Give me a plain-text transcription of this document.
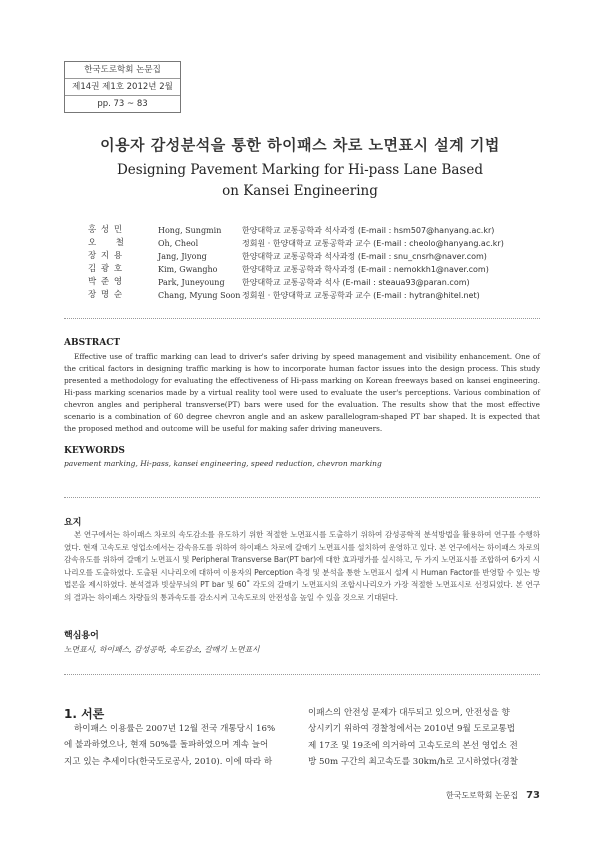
한국도로학회 논문집
제14권 제1호 2012년 2월
pp. 73 ~ 83
이용자 감성분석을 통한 하이패스 차로 노면표시 설계 기법
Designing Pavement Marking for Hi-pass Lane Based
on Kansei Engineering
홍 성 민	Hong, Sungmin	한양대학교 교통공학과 석사과정 (E-mail : hsm507@hanyang.ac.kr)
오     철	Oh, Cheol	정회원 · 한양대학교 교통공학과 교수 (E-mail : cheolo@hanyang.ac.kr)
장 지 용	Jang, Jiyong	한양대학교 교통공학과 석사과정 (E-mail : snu_cnsrh@naver.com)
김 광 호	Kim, Gwangho	한양대학교 교통공학과 학사과정 (E-mail : nemokkh1@naver.com)
박 준 영	Park, Juneyoung	한양대학교 교통공학과 석사 (E-mail : steaua93@paran.com)
장 명 순	Chang, Myung Soon 정회원 · 한양대학교 교통공학과 교수 (E-mail : hytran@hitel.net)
ABSTRACT
Effective use of traffic marking can lead to driver's safer driving by speed management and visibility enhancement. One of the critical factors in designing traffic marking is how to incorporate human factor issues into the design process. This study presented a methodology for evaluating the effectiveness of Hi-pass marking on Korean freeways based on kansei engineering. Hi-pass marking scenarios made by a virtual reality tool were used to evaluate the user's perceptions. Various combination of chevron angles and peripheral transverse(PT) bars were used for the evaluation. The results show that the most effective scenario is a combination of 60 degree chevron angle and an askew parallelogram-shaped PT bar shaped. It is expected that the proposed method and outcome will be useful for making safer driving maneuvers.
KEYWORDS
pavement marking, Hi-pass, kansei engineering, speed reduction, chevron marking
요지
본 연구에서는 하이패스 차로의 속도감소를 유도하기 위한 적절한 노면표시를 도출하기 위하여 감성공학적 분석방법을 활용하여 연구를 수행하였다. 현재 고속도로 영업소에서는 감속유도를 위하여 하이패스 차로에 갈매기 노면표시를 설치하여 운영하고 있다. 본 연구에서는 하이패스 차로의 감속유도를 위하여 갈매기 노면표시 및 Peripheral Transverse Bar(PT bar)에 대한 효과평가를 실시하고, 두 가지 노면표시를 조합하여 6가지 시나리오를 도출하였다. 도출된 시나리오에 대하여 이용자의 Perception 측정 및 분석을 통한 노면표시 설계 시 Human Factor를 반영할 수 있는 방법론을 제시하였다. 분석결과 빗살무늬의 PT bar 및 60˚ 각도의 갈매기 노면표시의 조합시나리오가 가장 적절한 노면표시로 선정되었다. 본 연구의 결과는 하이패스 차량들의 통과속도를 감소시켜 고속도로의 안전성을 높일 수 있을 것으로 기대된다.
핵심용어
노면표시, 하이패스, 감성공학, 속도감소, 갈매기 노면표시
1. 서론
하이패스 이용률은 2007년 12월 전국 개통당시 16%
에 불과하였으나, 현재 50%를 돌파하였으며 계속 늘어
지고 있는 추세이다(한국도로공사, 2010). 이에 따라 하
이패스의 안전성 문제가 대두되고 있으며, 안전성을 향
상시키기 위하여 경찰청에서는 2010년 9월 도로교통법
제 17조 및 19조에 의거하여 고속도로의 본선 영업소 전
방 50m 구간의 최고속도를 30km/h로 고시하였다(경찰
한국도로학회 논문집 73
